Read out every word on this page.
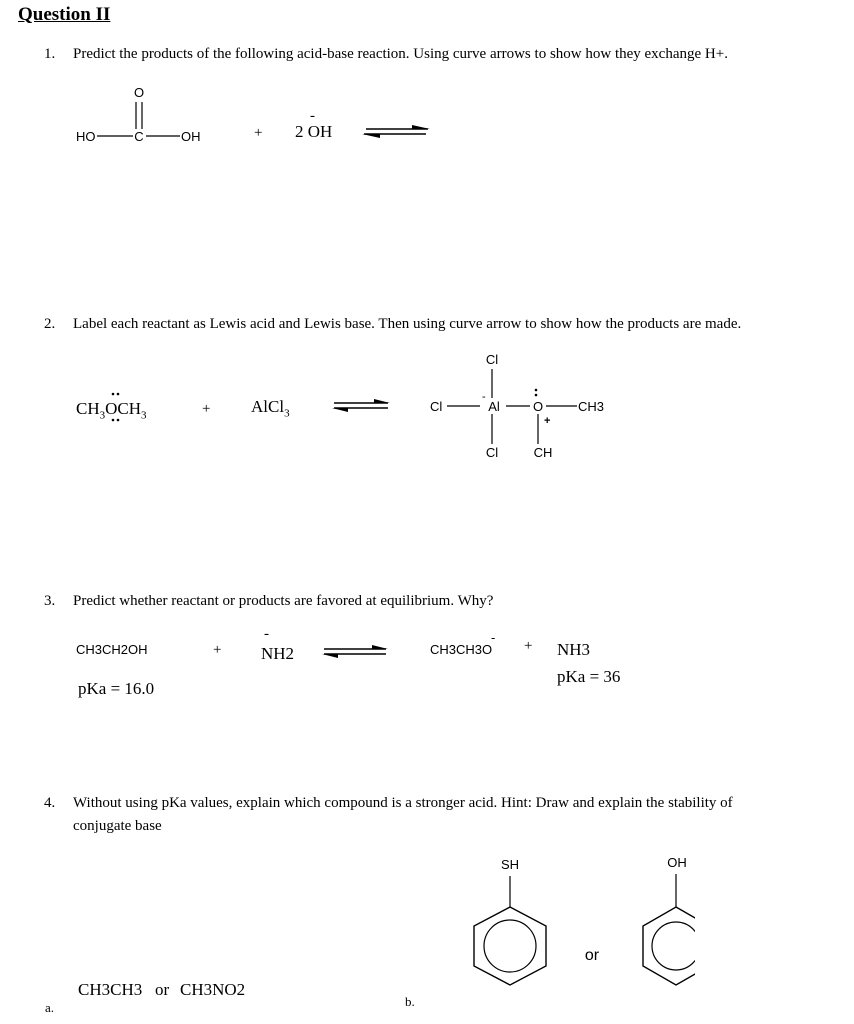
Question II
1. Predict the products of the following acid-base reaction. Using curve arrows to show how they exchange H+.
O
HO	C	OH	+ 2 OH
-
2. Label each reactant as Lewis acid and Lewis base. Then using curve arrow to show how the products are made.
$CH_3OCH_3$	+ AlCl$_3$
Cl
Cl
-
Al	O
+
CH3
Cl	CH
3. Predict whether reactant or products are favored at equilibrium. Why?
CH3CH2OH	+ NH2
-
CH3CH3O
-
+ NH3
pKa = 16.0
pKa = 36
4. Without using pKa values, explain which compound is a stronger acid. Hint: Draw and explain the stability of
conjugate base
CH3CH3 or CH3NO2
a.	b.
SH
or
OH
